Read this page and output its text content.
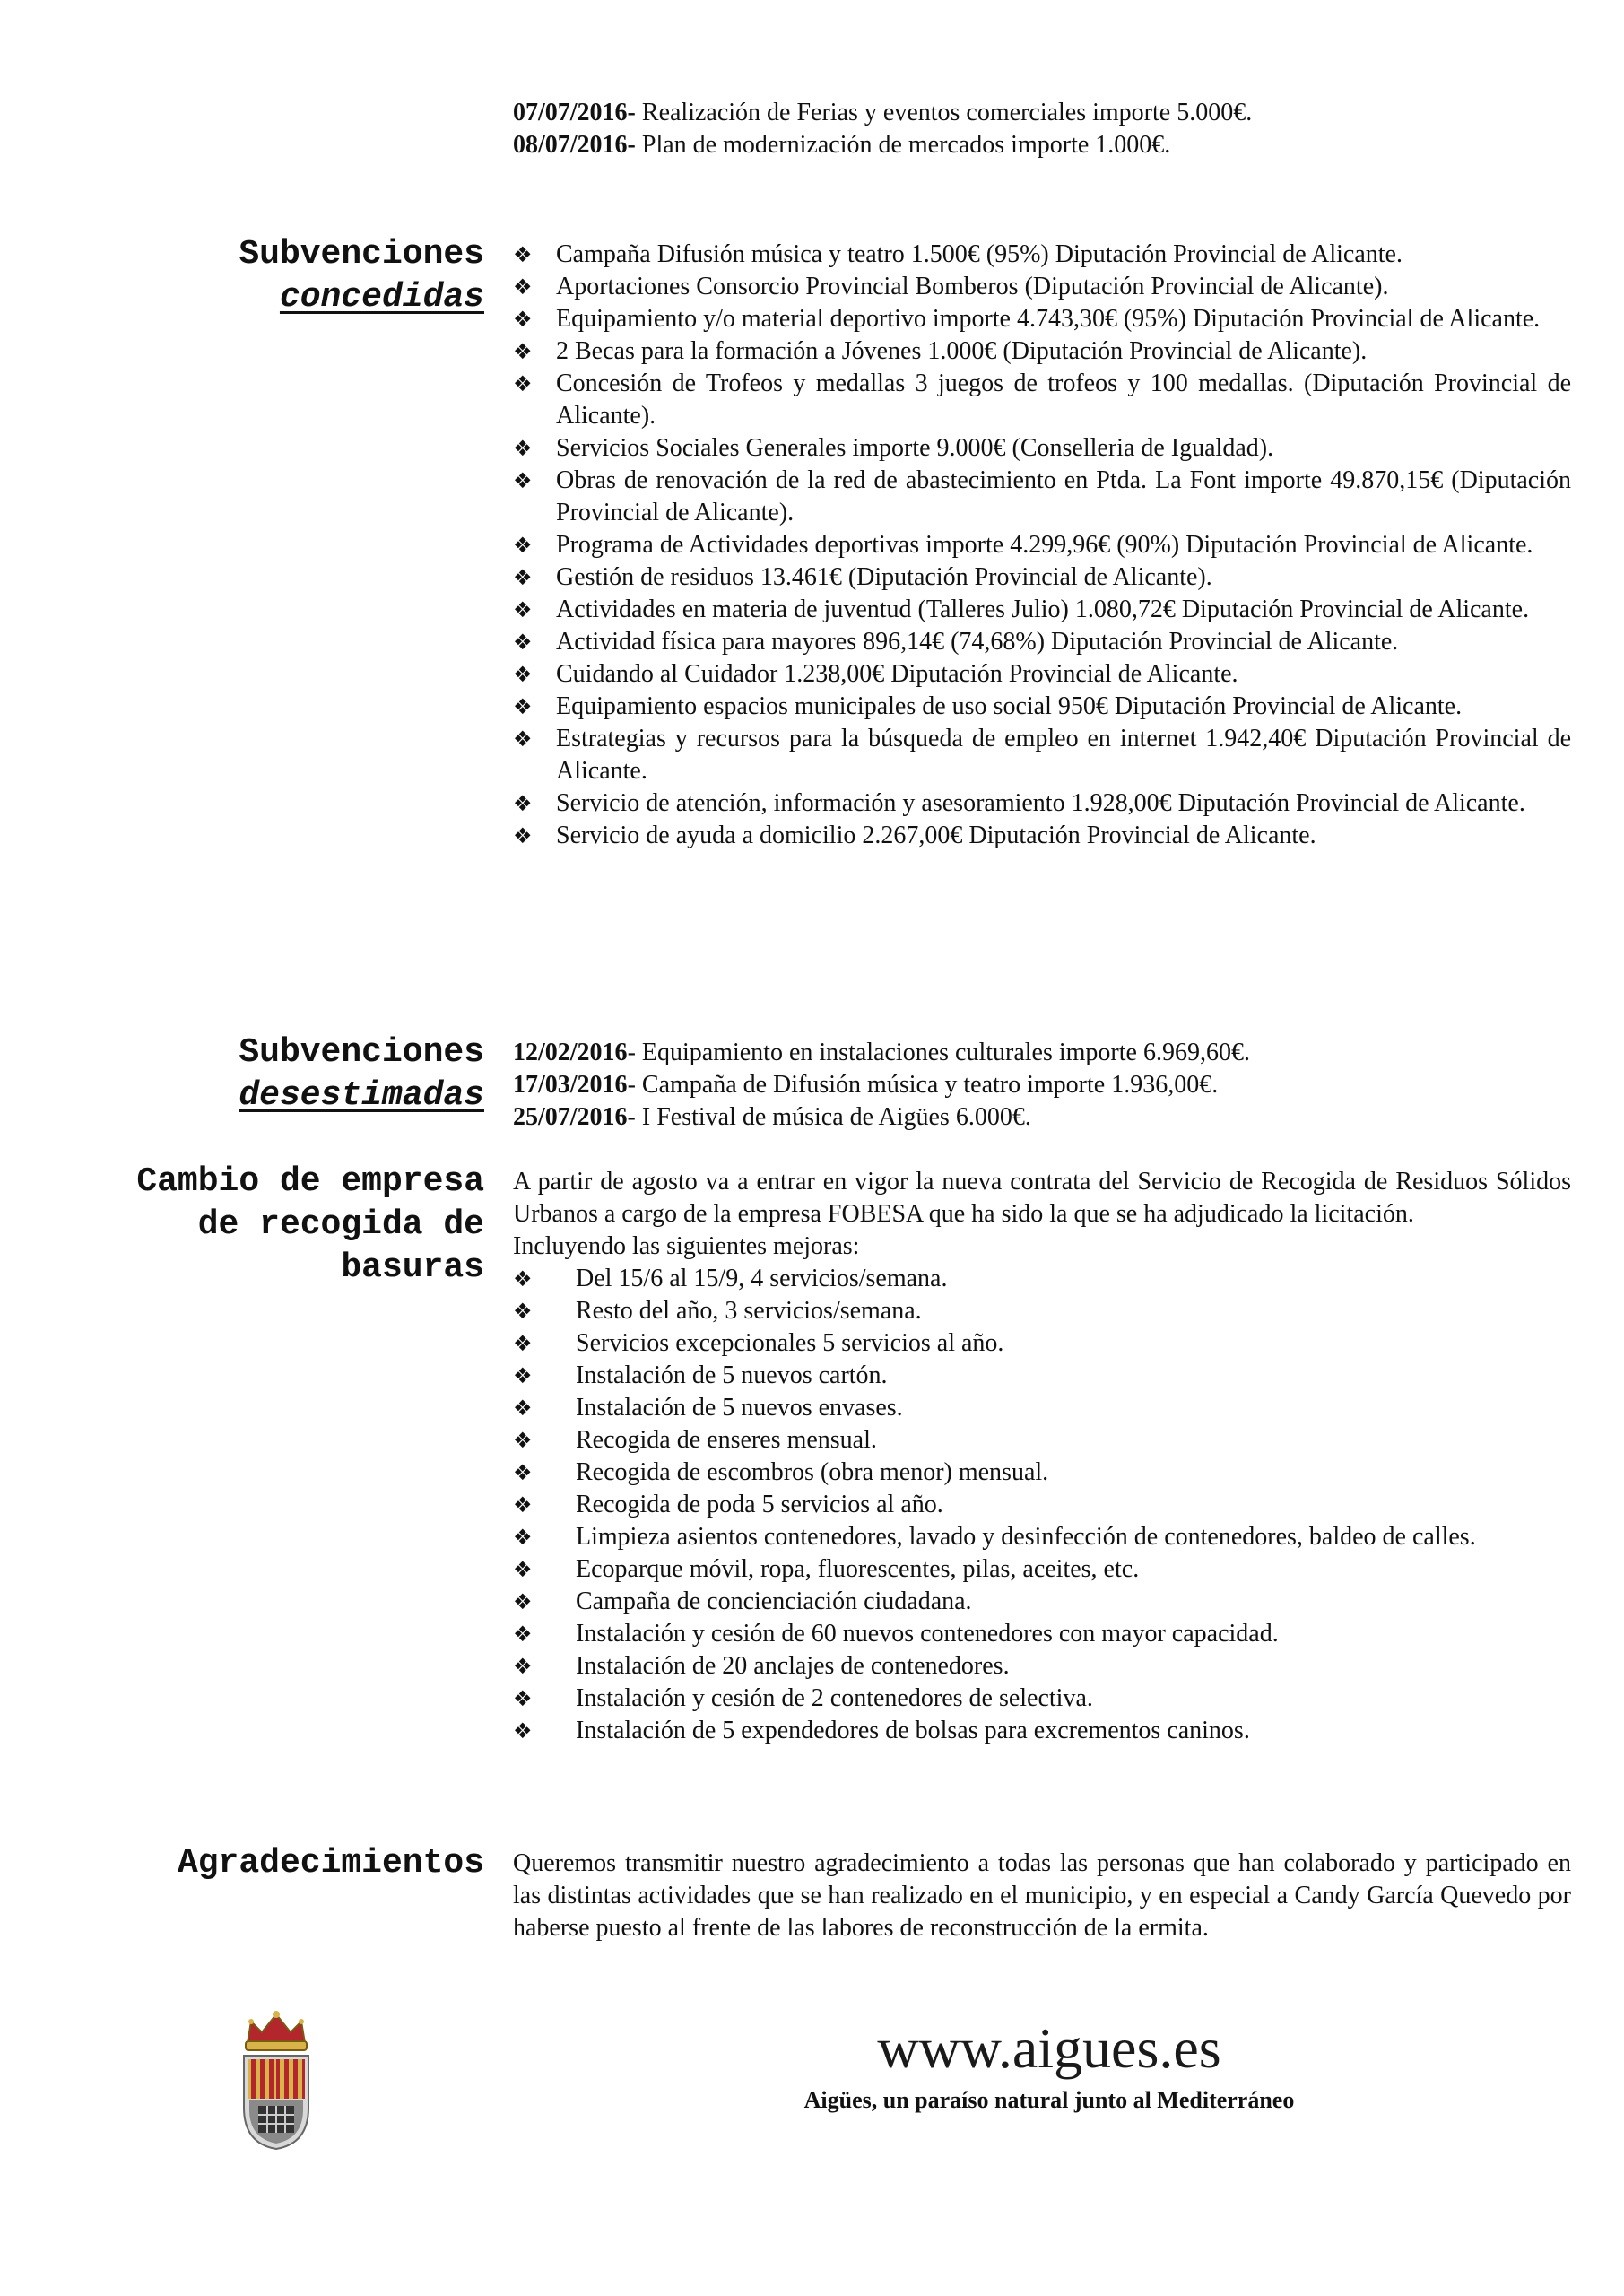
07/07/2016- Realización de Ferias y eventos comerciales importe 5.000€.
08/07/2016- Plan de modernización de mercados importe 1.000€.
Subvenciones
concedidas
❖ Campaña Difusión música y teatro 1.500€ (95%) Diputación Provincial de Alicante.
❖ Aportaciones Consorcio Provincial Bomberos (Diputación Provincial de Alicante).
❖ Equipamiento y/o material deportivo importe 4.743,30€ (95%) Diputación Provincial de Alicante.
❖ 2 Becas para la formación a Jóvenes 1.000€ (Diputación Provincial de Alicante).
❖ Concesión de Trofeos y medallas 3 juegos de trofeos y 100 medallas. (Diputación Provincial de Alicante).
❖ Servicios Sociales Generales importe 9.000€ (Conselleria de Igualdad).
❖ Obras de renovación de la red de abastecimiento en Ptda. La Font importe 49.870,15€ (Diputación Provincial de Alicante).
❖ Programa de Actividades deportivas importe 4.299,96€ (90%) Diputación Provincial de Alicante.
❖ Gestión de residuos 13.461€ (Diputación Provincial de Alicante).
❖ Actividades en materia de juventud (Talleres Julio) 1.080,72€ Diputación Provincial de Alicante.
❖ Actividad física para mayores 896,14€ (74,68%) Diputación Provincial de Alicante.
❖ Cuidando al Cuidador 1.238,00€ Diputación Provincial de Alicante.
❖ Equipamiento espacios municipales de uso social 950€ Diputación Provincial de Alicante.
❖ Estrategias y recursos para la búsqueda de empleo en internet 1.942,40€ Diputación Provincial de Alicante.
❖ Servicio de atención, información y asesoramiento 1.928,00€ Diputación Provincial de Alicante.
❖ Servicio de ayuda a domicilio 2.267,00€ Diputación Provincial de Alicante.
Subvenciones
desestimadas
12/02/2016- Equipamiento en instalaciones culturales importe 6.969,60€.
17/03/2016- Campaña de Difusión música y teatro importe 1.936,00€.
25/07/2016- I Festival de música de Aigües 6.000€.
Cambio de empresa
de recogida de
basuras

A partir de agosto va a entrar en vigor la nueva contrata del Servicio de Recogida de Residuos Sólidos Urbanos a cargo de la empresa FOBESA que ha sido la que se ha adjudicado la licitación.

Incluyendo las siguientes mejoras:

❖	Del 15/6 al 15/9, 4 servicios/semana.
❖	Resto del año, 3 servicios/semana.
❖	Servicios excepcionales 5 servicios al año.
❖	Instalación de 5 nuevos cartón.
❖	Instalación de 5 nuevos envases.
❖	Recogida de enseres mensual.
❖	Recogida de escombros (obra menor) mensual.
❖	Recogida de poda 5 servicios al año.
❖	Limpieza asientos contenedores, lavado y desinfección de contenedores, baldeo de calles.
❖	Ecoparque móvil, ropa, fluorescentes, pilas, aceites, etc.
❖	Campaña de concienciación ciudadana.
❖	Instalación y cesión de 60 nuevos contenedores con mayor capacidad.
❖	Instalación de 20 anclajes de contenedores.
❖	Instalación y cesión de 2 contenedores de selectiva.
❖	Instalación de 5 expendedores de bolsas para excrementos caninos.
Agradecimientos Queremos transmitir nuestro agradecimiento a todas las personas que han colaborado y participado en las distintas actividades que se han realizado en el municipio, y en especial a Candy García Quevedo por haberse puesto al frente de las labores de reconstrucción de la ermita.

www.aigues.es
Aigües, un paraíso natural junto al Mediterráneo
